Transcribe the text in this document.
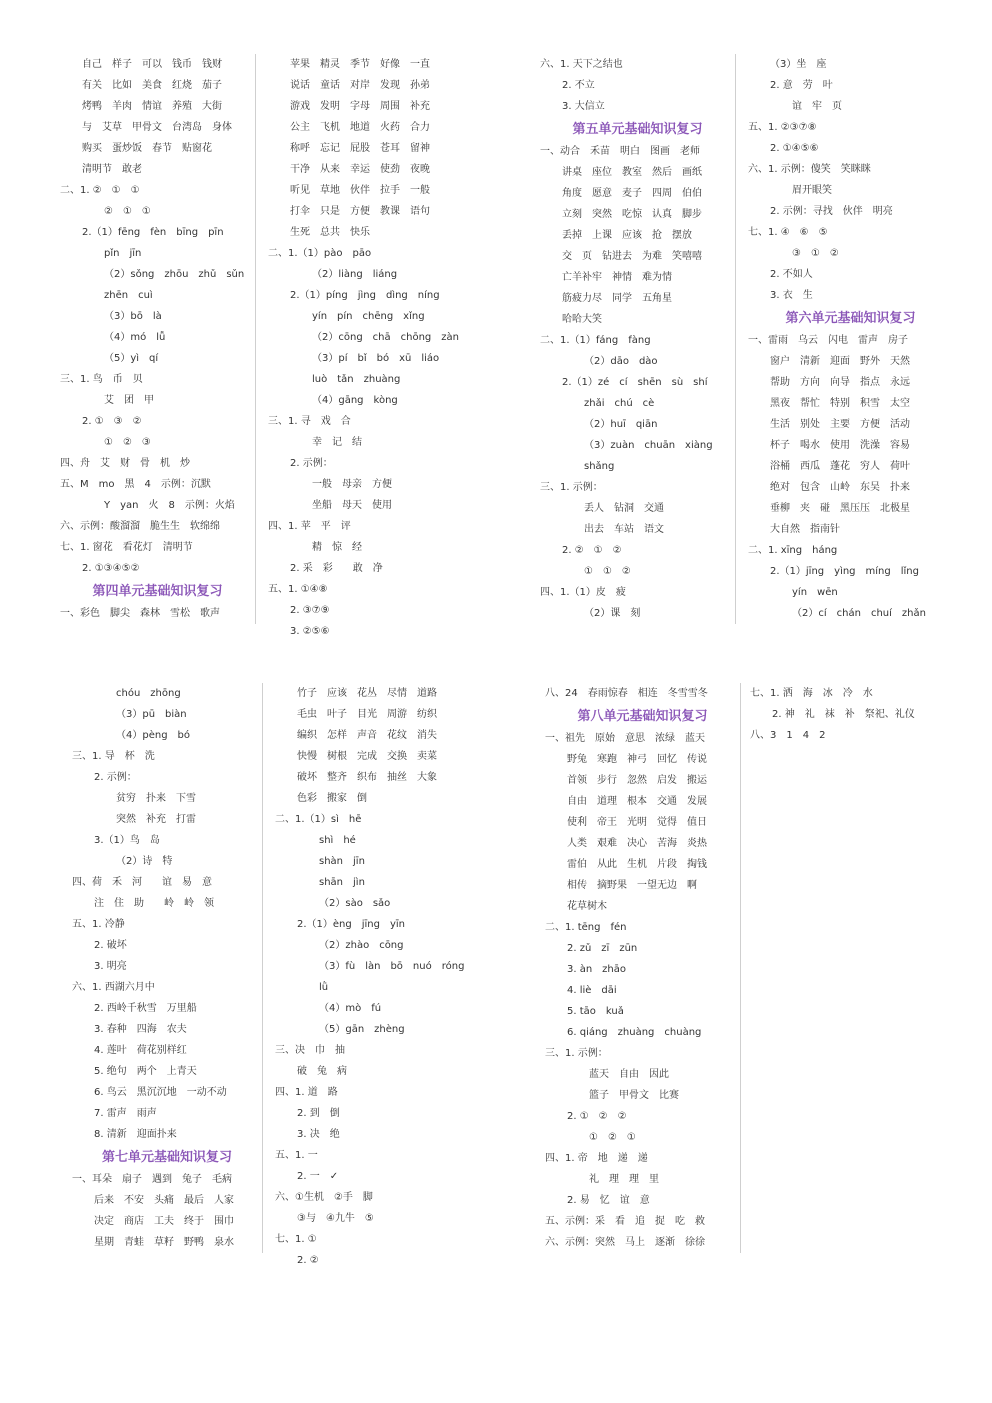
自己　样子　可以　钱币　钱财
有关　比如　美食　红烧　茄子
烤鸭　羊肉　情谊　养殖　大街
与　艾草　甲骨文　台湾岛　身体
购买　蛋炒饭　春节　贴窗花
清明节　敢老
二、1. ②　①　①
②　①　①
2.（1）fēng　fèn　bīng　pīn
pǐn　jīn
（2）sǒng　zhōu　zhǔ　sǔn
zhēn　cuì
（3）bō　là
（4）mó　lǚ
（5）yì　qí
三、1. 鸟　币　贝
艾　团　甲
2. ①　③　②
①　②　③
四、舟　艾　财　骨　机　炒
五、M　mo　黑　4　示例：沉默
Y　yan　火　8　示例：火焰
六、示例：酸溜溜　脆生生　软绵绵
七、1. 窗花　看花灯　清明节
2. ①③④⑤②
第四单元基础知识复习
一、彩色　脚尖　森林　雪松　歌声
苹果　精灵　季节　好像　一直
说话　童话　对岸　发现　孙弟
游戏　发明　字母　周围　补充
公主　飞机　地道　火药　合力
称呼　忘记　屁股　苍耳　留神
干净　从来　幸运　使劲　夜晚
听见　草地　伙伴　拉手　一般
打伞　只是　方便　教课　语句
生死　总共　快乐
二、1.（1）pào　pāo
（2）liàng　liáng
2.（1）píng　jìng　dìng　níng
yín　pín　chēng　xǐng
（2）cōng　chā　chōng　zàn
（3）pí　bǐ　bó　xū　liáo
luò　tǎn　zhuàng
（4）gāng　kòng
三、1. 寻　戏　合
幸　记　结
2. 示例：
一般　母亲　方便
坐船　母天　使用
四、1. 苹　平　评
精　惊　经
2. 采　彩　　敢　净
五、1. ①④⑧
2. ③⑦⑨
3. ②⑤⑥
六、1. 天下之结也
2. 不立
3. 大信立
第五单元基础知识复习
一、动合　禾苗　明白　图画　老师
讲桌　座位　教室　然后　画纸
角度　愿意　麦子　四周　伯伯
立刻　突然　吃惊　认真　脚步
丢掉　上课　应该　抢　摆放
交　页　钻进去　为难　笑嘻嘻
亡羊补牢　神情　难为情
筋疲力尽　同学　五角星
哈哈大笑
二、1.（1）fáng　fàng
（2）dāo　dào
2.（1）zé　cí　shēn　sù　shí
zhǎi　chú　cè
（2）huī　qiān
（3）zuàn　chuān　xiàng
shǎng
三、1. 示例：
丢人　钻洞　交通
出去　车站　语文
2. ②　①　②
①　①　②
四、1.（1）皮　疲
（2）课　刻
（3）坐　座
2. 意　劳　叶
谊　牢　页
五、1. ②③⑦⑧
2. ①④⑤⑥
六、1. 示例：傻笑　笑眯眯
眉开眼笑
2. 示例：寻找　伙伴　明亮
七、1. ④　⑥　⑤
③　①　②
2. 不如人
3. 衣　生
第六单元基础知识复习
一、雷雨　乌云　闪电　雷声　房子
窗户　清新　迎面　野外　天然
帮助　方向　向导　指点　永远
黑夜　帮忙　特别　积雪　太空
生活　别处　主要　方便　活动
杯子　喝水　使用　洗澡　容易
浴桶　西瓜　蓬花　穷人　荷叶
绝对　包含　山岭　东吴　扑来
垂柳　夹　碰　黑压压　北极星
大自然　指南针
二、1. xīng　háng
2.（1）jīng　yìng　míng　lǐng
yín　wēn
（2）cí　chán　chuí　zhǎn
chóu　zhōng
（3）pū　biàn
（4）pèng　bó
三、1. 导　杯　洗
2. 示例：
贫穷　扑来　下雪
突然　补充　打雷
3.（1）鸟　岛
（2）诗　特
四、荷　禾　河　　谊　易　意
注　住　助　　岭　岭　领
五、1. 冷静
2. 破坏
3. 明亮
六、1. 西湖六月中
2. 西岭千秋雪　万里船
3. 春种　四海　农夫
4. 莲叶　荷花别样红
5. 绝句　两个　上青天
6. 鸟云　黑沉沉地　一动不动
7. 雷声　雨声
8. 清新　迎面扑来
第七单元基础知识复习
一、耳朵　扇子　遇到　兔子　毛病
后来　不安　头痛　最后　人家
决定　商店　工夫　终于　围巾
星期　青蛙　草籽　野鸭　泉水
竹子　应该　花丛　尽情　道路
毛虫　叶子　目光　周游　纺织
编织　怎样　声音　花纹　消失
快慢　树根　完成　交换　卖菜
破坏　整齐　织布　抽丝　大象
色彩　搬家　倒
二、1.（1）sì　hē
shì　hé
shàn　jīn
shān　jìn
（2）sào　sǎo
2.（1）èng　jīng　yīn
（2）zhào　cōng
（3）fù　làn　bō　nuó　róng
lǜ
（4）mò　fú
（5）gān　zhèng
三、决　巾　抽
破　兔　病
四、1. 道　路
2. 到　倒
3. 决　绝
五、1. 一
2. 一　✓
六、①生机　②手　脚
③与　④九牛　⑤
七、1. ①
2. ②
八、24　春雨惊春　相连　冬雪雪冬
第八单元基础知识复习
一、祖先　原始　意思　浓绿　蓝天
野兔　寒跑　神弓　回忆　传说
首领　步行　忽然　启发　搬运
自由　道理　根本　交通　发展
使利　帝王　光明　觉得　值日
人类　艰难　决心　苦海　炎热
雷伯　从此　生机　片段　掏钱
相传　摘野果　一望无边　啊
花草树木
二、1. tēng　fén
2. zǔ　zī　zūn
3. àn　zhāo
4. liè　dāi
5. tāo　kuǎ
6. qiáng　zhuàng　chuàng
三、1. 示例：
蓝天　自由　因此
篮子　甲骨文　比赛
2. ①　②　②
①　②　①
四、1. 帝　地　递　递
礼　理　理　里
2. 易　忆　谊　意
五、示例：采　看　追　捉　吃　救
六、示例：突然　马上　逐渐　徐徐
七、1. 洒　海　冰　冷　水
2. 神　礼　袜　补　祭祀、礼仪
八、3　1　4　2
